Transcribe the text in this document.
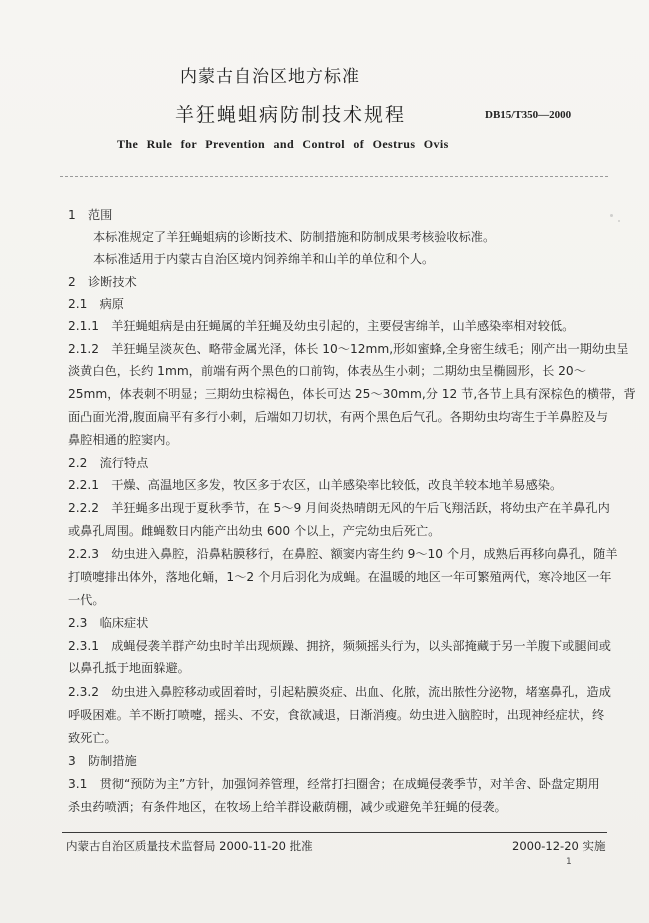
内蒙古自治区地方标准
羊狂蝇蛆病防制技术规程	DB15/T350—2000
The Rule for Prevention and Control of Oestrus Ovis
1　范围
本标准规定了羊狂蝇蛆病的诊断技术、防制措施和防制成果考核验收标准。
本标准适用于内蒙古自治区境内饲养绵羊和山羊的单位和个人。
2　诊断技术
2.1　病原
2.1.1　羊狂蝇蛆病是由狂蝇属的羊狂蝇及幼虫引起的，主要侵害绵羊，山羊感染率相对较低。
2.1.2　羊狂蝇呈淡灰色、略带金属光泽，体长 10～12mm,形如蜜蜂,全身密生绒毛；刚产出一期幼虫呈
淡黄白色，长约 1mm，前端有两个黑色的口前钩，体表丛生小刺；二期幼虫呈椭圆形，长 20～
25mm，体表刺不明显；三期幼虫棕褐色，体长可达 25～30mm,分 12 节,各节上具有深棕色的横带，背
面凸面光滑,腹面扁平有多行小刺，后端如刀切状，有两个黑色后气孔。各期幼虫均寄生于羊鼻腔及与
鼻腔相通的腔窦内。
2.2　流行特点
2.2.1　干燥、高温地区多发，牧区多于农区，山羊感染率比较低，改良羊较本地羊易感染。
2.2.2　羊狂蝇多出现于夏秋季节，在 5～9 月间炎热晴朗无风的午后飞翔活跃，将幼虫产在羊鼻孔内
或鼻孔周围。雌蝇数日内能产出幼虫 600 个以上，产完幼虫后死亡。
2.2.3　幼虫进入鼻腔，沿鼻粘膜移行，在鼻腔、额窦内寄生约 9～10 个月，成熟后再移向鼻孔，随羊
打喷嚏排出体外，落地化蛹，1～2 个月后羽化为成蝇。在温暖的地区一年可繁殖两代，寒冷地区一年
一代。
2.3　临床症状
2.3.1　成蝇侵袭羊群产幼虫时羊出现烦躁、拥挤，频频摇头行为，以头部掩藏于另一羊腹下或腿间或
以鼻孔抵于地面躲避。
2.3.2　幼虫进入鼻腔移动或固着时，引起粘膜炎症、出血、化脓，流出脓性分泌物，堵塞鼻孔，造成
呼吸困难。羊不断打喷嚏，摇头、不安，食欲减退，日渐消瘦。幼虫进入脑腔时，出现神经症状，终
致死亡。
3　防制措施
3.1　贯彻“预防为主”方针，加强饲养管理，经常打扫圈舍；在成蝇侵袭季节，对羊舍、卧盘定期用
杀虫药喷洒；有条件地区，在牧场上给羊群设蔽荫棚，减少或避免羊狂蝇的侵袭。
内蒙古自治区质量技术监督局 2000-11-20 批准	2000-12-20 实施
1
